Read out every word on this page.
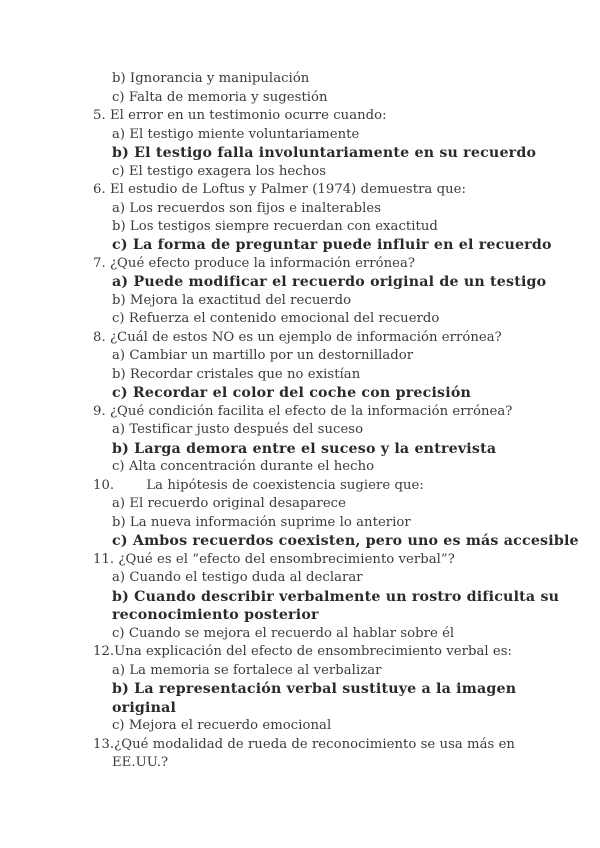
b) Ignorancia y manipulación
c) Falta de memoria y sugestión
5. El error en un testimonio ocurre cuando:
a) El testigo miente voluntariamente
b) El testigo falla involuntariamente en su recuerdo
c) El testigo exagera los hechos
6. El estudio de Loftus y Palmer (1974) demuestra que:
a) Los recuerdos son fijos e inalterables
b) Los testigos siempre recuerdan con exactitud
c) La forma de preguntar puede influir en el recuerdo
7. ¿Qué efecto produce la información errónea?
a) Puede modificar el recuerdo original de un testigo
b) Mejora la exactitud del recuerdo
c) Refuerza el contenido emocional del recuerdo
8. ¿Cuál de estos NO es un ejemplo de información errónea?
a) Cambiar un martillo por un destornillador
b) Recordar cristales que no existían
c) Recordar el color del coche con precisión
9. ¿Qué condición facilita el efecto de la información errónea?
a) Testificar justo después del suceso
b) Larga demora entre el suceso y la entrevista
c) Alta concentración durante el hecho
10. La hipótesis de coexistencia sugiere que:
a) El recuerdo original desaparece
b) La nueva información suprime lo anterior
c) Ambos recuerdos coexisten, pero uno es más accesible
11. ¿Qué es el “efecto del ensombrecimiento verbal”?
a) Cuando el testigo duda al declarar
b) Cuando describir verbalmente un rostro dificulta su
reconocimiento posterior
c) Cuando se mejora el recuerdo al hablar sobre él
12.Una explicación del efecto de ensombrecimiento verbal es:
a) La memoria se fortalece al verbalizar
b) La representación verbal sustituye a la imagen
original
c) Mejora el recuerdo emocional
13.¿Qué modalidad de rueda de reconocimiento se usa más en
EE.UU.?
